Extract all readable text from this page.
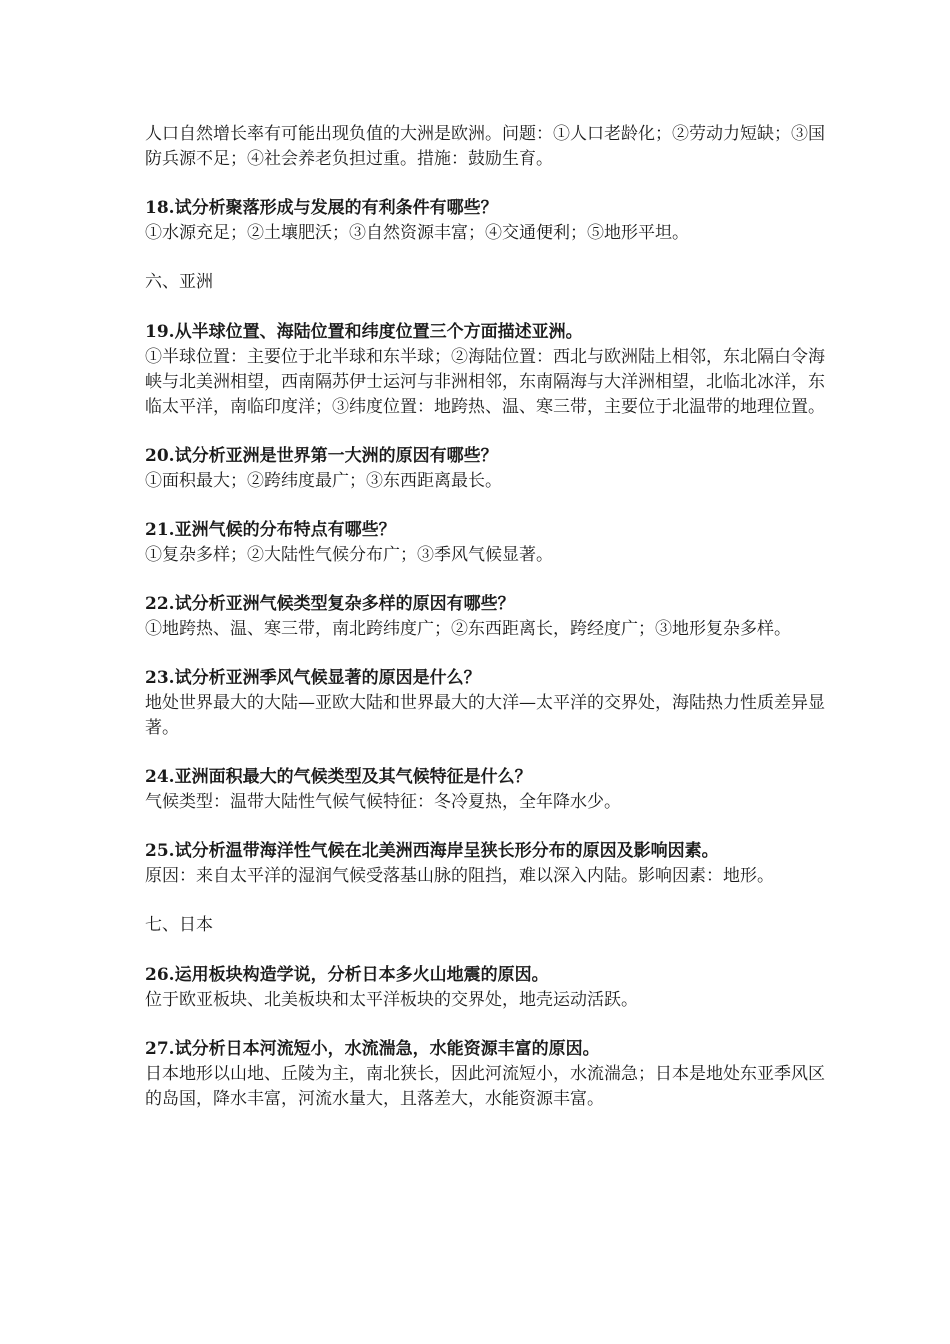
人口自然增长率有可能出现负值的大洲是欧洲。问题：①人口老龄化；②劳动力短缺；③国防兵源不足；④社会养老负担过重。措施：鼓励生育。

18.试分析聚落形成与发展的有利条件有哪些？

①水源充足；②土壤肥沃；③自然资源丰富；④交通便利；⑤地形平坦。

六、亚洲

19.从半球位置、海陆位置和纬度位置三个方面描述亚洲。

①半球位置：主要位于北半球和东半球；②海陆位置：西北与欧洲陆上相邻，东北隔白令海峡与北美洲相望，西南隔苏伊士运河与非洲相邻，东南隔海与大洋洲相望，北临北冰洋，东临太平洋，南临印度洋；③纬度位置：地跨热、温、寒三带，主要位于北温带的地理位置。

20.试分析亚洲是世界第一大洲的原因有哪些？

①面积最大；②跨纬度最广；③东西距离最长。

21.亚洲气候的分布特点有哪些？

①复杂多样；②大陆性气候分布广；③季风气候显著。

22.试分析亚洲气候类型复杂多样的原因有哪些？

①地跨热、温、寒三带，南北跨纬度广；②东西距离长，跨经度广；③地形复杂多样。

23.试分析亚洲季风气候显著的原因是什么？

地处世界最大的大陆—亚欧大陆和世界最大的大洋—太平洋的交界处，海陆热力性质差异显著。

24.亚洲面积最大的气候类型及其气候特征是什么？

气候类型：温带大陆性气候气候特征：冬冷夏热，全年降水少。

25.试分析温带海洋性气候在北美洲西海岸呈狭长形分布的原因及影响因素。

原因：来自太平洋的湿润气候受落基山脉的阻挡，难以深入内陆。影响因素：地形。

七、日本

26.运用板块构造学说，分析日本多火山地震的原因。

位于欧亚板块、北美板块和太平洋板块的交界处，地壳运动活跃。

27.试分析日本河流短小，水流湍急，水能资源丰富的原因。

日本地形以山地、丘陵为主，南北狭长，因此河流短小，水流湍急；日本是地处东亚季风区的岛国，降水丰富，河流水量大，且落差大，水能资源丰富。
